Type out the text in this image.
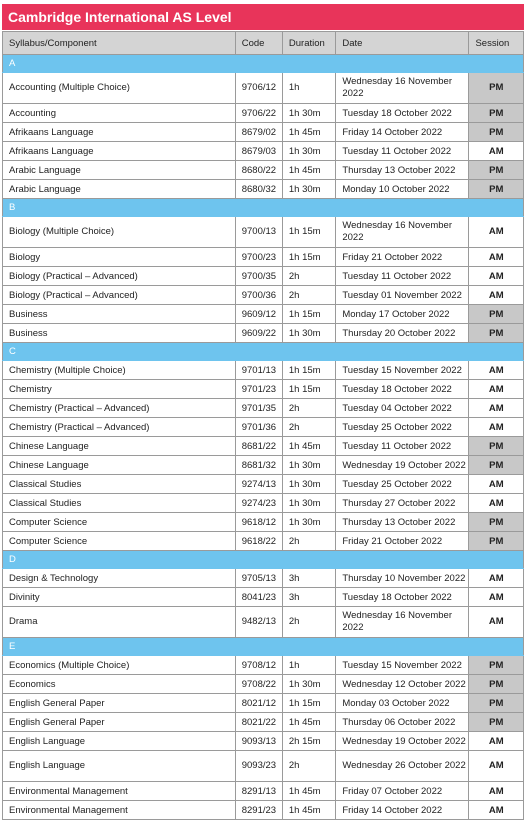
Cambridge International AS Level
Syllabus/Component	Code	Duration	Date	Session
A				
Accounting (Multiple Choice)	9706/12	1h	Wednesday 16 November 2022	PM
Accounting	9706/22	1h 30m	Tuesday 18 October 2022	PM
Afrikaans Language	8679/02	1h 45m	Friday 14 October 2022	PM
Afrikaans Language	8679/03	1h 30m	Tuesday 11 October 2022	AM
Arabic Language	8680/22	1h 45m	Thursday 13 October 2022	PM
Arabic Language	8680/32	1h 30m	Monday 10 October 2022	PM
B				
Biology (Multiple Choice)	9700/13	1h 15m	Wednesday 16 November 2022	AM
Biology	9700/23	1h 15m	Friday 21 October 2022	AM
Biology (Practical – Advanced)	9700/35	2h	Tuesday 11 October 2022	AM
Biology (Practical – Advanced)	9700/36	2h	Tuesday 01 November 2022	AM
Business	9609/12	1h 15m	Monday 17 October 2022	PM
Business	9609/22	1h 30m	Thursday 20 October 2022	PM
C				
Chemistry (Multiple Choice)	9701/13	1h 15m	Tuesday 15 November 2022	AM
Chemistry	9701/23	1h 15m	Tuesday 18 October 2022	AM
Chemistry (Practical – Advanced)	9701/35	2h	Tuesday 04 October 2022	AM
Chemistry (Practical – Advanced)	9701/36	2h	Tuesday 25 October 2022	AM
Chinese Language	8681/22	1h 45m	Tuesday 11 October 2022	PM
Chinese Language	8681/32	1h 30m	Wednesday 19 October 2022	PM
Classical Studies	9274/13	1h 30m	Tuesday 25 October 2022	AM
Classical Studies	9274/23	1h 30m	Thursday 27 October 2022	AM
Computer Science	9618/12	1h 30m	Thursday 13 October 2022	PM
Computer Science	9618/22	2h	Friday 21 October 2022	PM
D				
Design & Technology	9705/13	3h	Thursday 10 November 2022	AM
Divinity	8041/23	3h	Tuesday 18 October 2022	AM
Drama	9482/13	2h	Wednesday 16 November 2022	AM
E				
Economics (Multiple Choice)	9708/12	1h	Tuesday 15 November 2022	PM
Economics	9708/22	1h 30m	Wednesday 12 October 2022	PM
English General Paper	8021/12	1h 15m	Monday 03 October 2022	PM
English General Paper	8021/22	1h 45m	Thursday 06 October 2022	PM
English Language	9093/13	2h 15m	Wednesday 19 October 2022	AM
English Language	9093/23	2h	Wednesday 26 October 2022	AM
Environmental Management	8291/13	1h 45m	Friday 07 October 2022	AM
Environmental Management	8291/23	1h 45m	Friday 14 October 2022	AM
